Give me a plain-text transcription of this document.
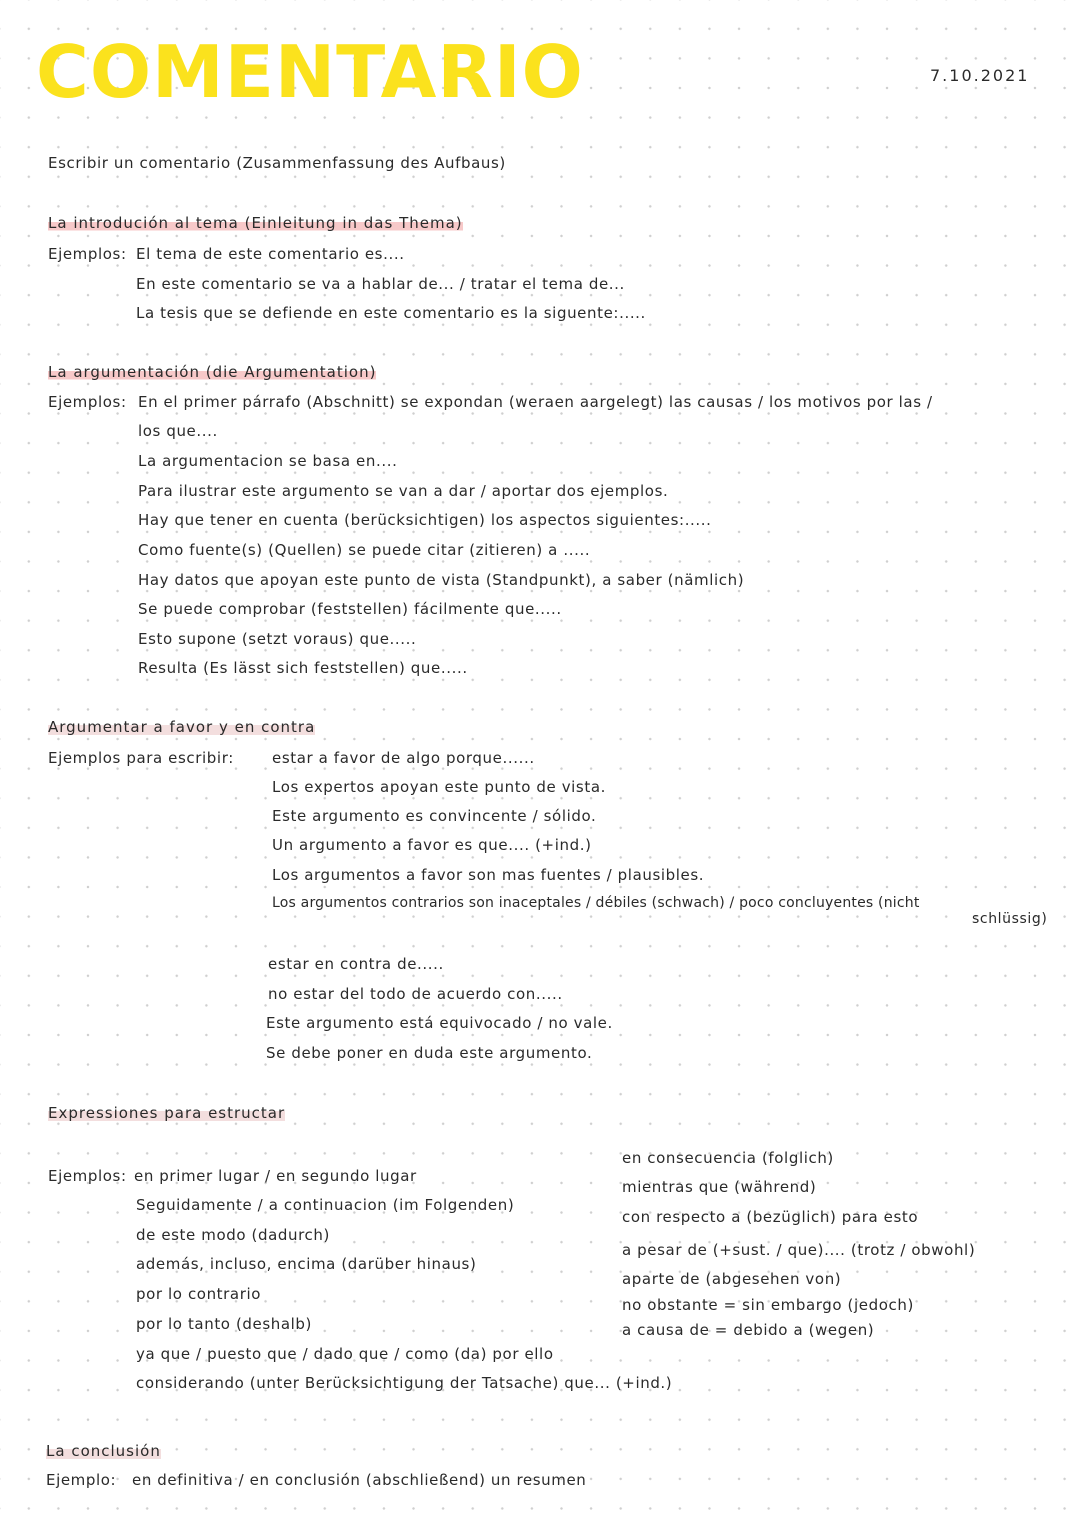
COMENTARIO	7.10.2021
Escribir un comentario (Zusammenfassung des Aufbaus)
La introdución al tema (Einleitung in das Thema)
Ejemplos: El tema de este comentario es....
En este comentario se va a hablar de... / tratar el tema de...
La tesis que se defiende en este comentario es la siguente:.....
La argumentación (die Argumentation)
Ejemplos: En el primer párrafo (Abschnitt) se expondan (weraen aargelegt) las causas / los motivos por las /
los que....
La argumentacion se basa en....
Para ilustrar este argumento se van a dar / aportar dos ejemplos.
Hay que tener en cuenta (berücksichtigen) los aspectos siguientes:.....
Como fuente(s) (Quellen) se puede citar (zitieren) a .....
Hay datos que apoyan este punto de vista (Standpunkt), a saber (nämlich)
Se puede comprobar (feststellen) fácilmente que.....
Esto supone (setzt voraus) que.....
Resulta (Es lässt sich feststellen) que.....
Argumentar a favor y en contra
Ejemplos para escribir:	estar a favor de algo porque......
Los expertos apoyan este punto de vista.
Este argumento es convincente / sólido.
Un argumento a favor es que.... (+ind.)
Los argumentos a favor son mas fuentes / plausibles.
Los argumentos contrarios son inaceptales / débiles (schwach) / poco concluyentes (nicht
schlüssig)
estar en contra de.....
no estar del todo de acuerdo con.....
Este argumento está equivocado / no vale.
Se debe poner en duda este argumento.
Expressiones para estructar
Ejemplos: en primer lugar / en segundo lugar
Seguidamente / a continuacion (im Folgenden)
de este modo (dadurch)
además, incluso, encima (darüber hinaus)
por lo contrario
por lo tanto (deshalb)
ya que / puesto que / dado que / como (da) por ello
considerando (unter Berücksichtigung der Tatsache) que... (+ind.)
en consecuencia (folglich)
mientras que (während)
con respecto a (bezüglich) para esto
a pesar de (+sust. / que).... (trotz / obwohl)
aparte de (abgesehen von)
no obstante = sin embargo (jedoch)
a causa de = debido a (wegen)
La conclusión
Ejemplo: en definitiva / en conclusión (abschließend) un resumen
